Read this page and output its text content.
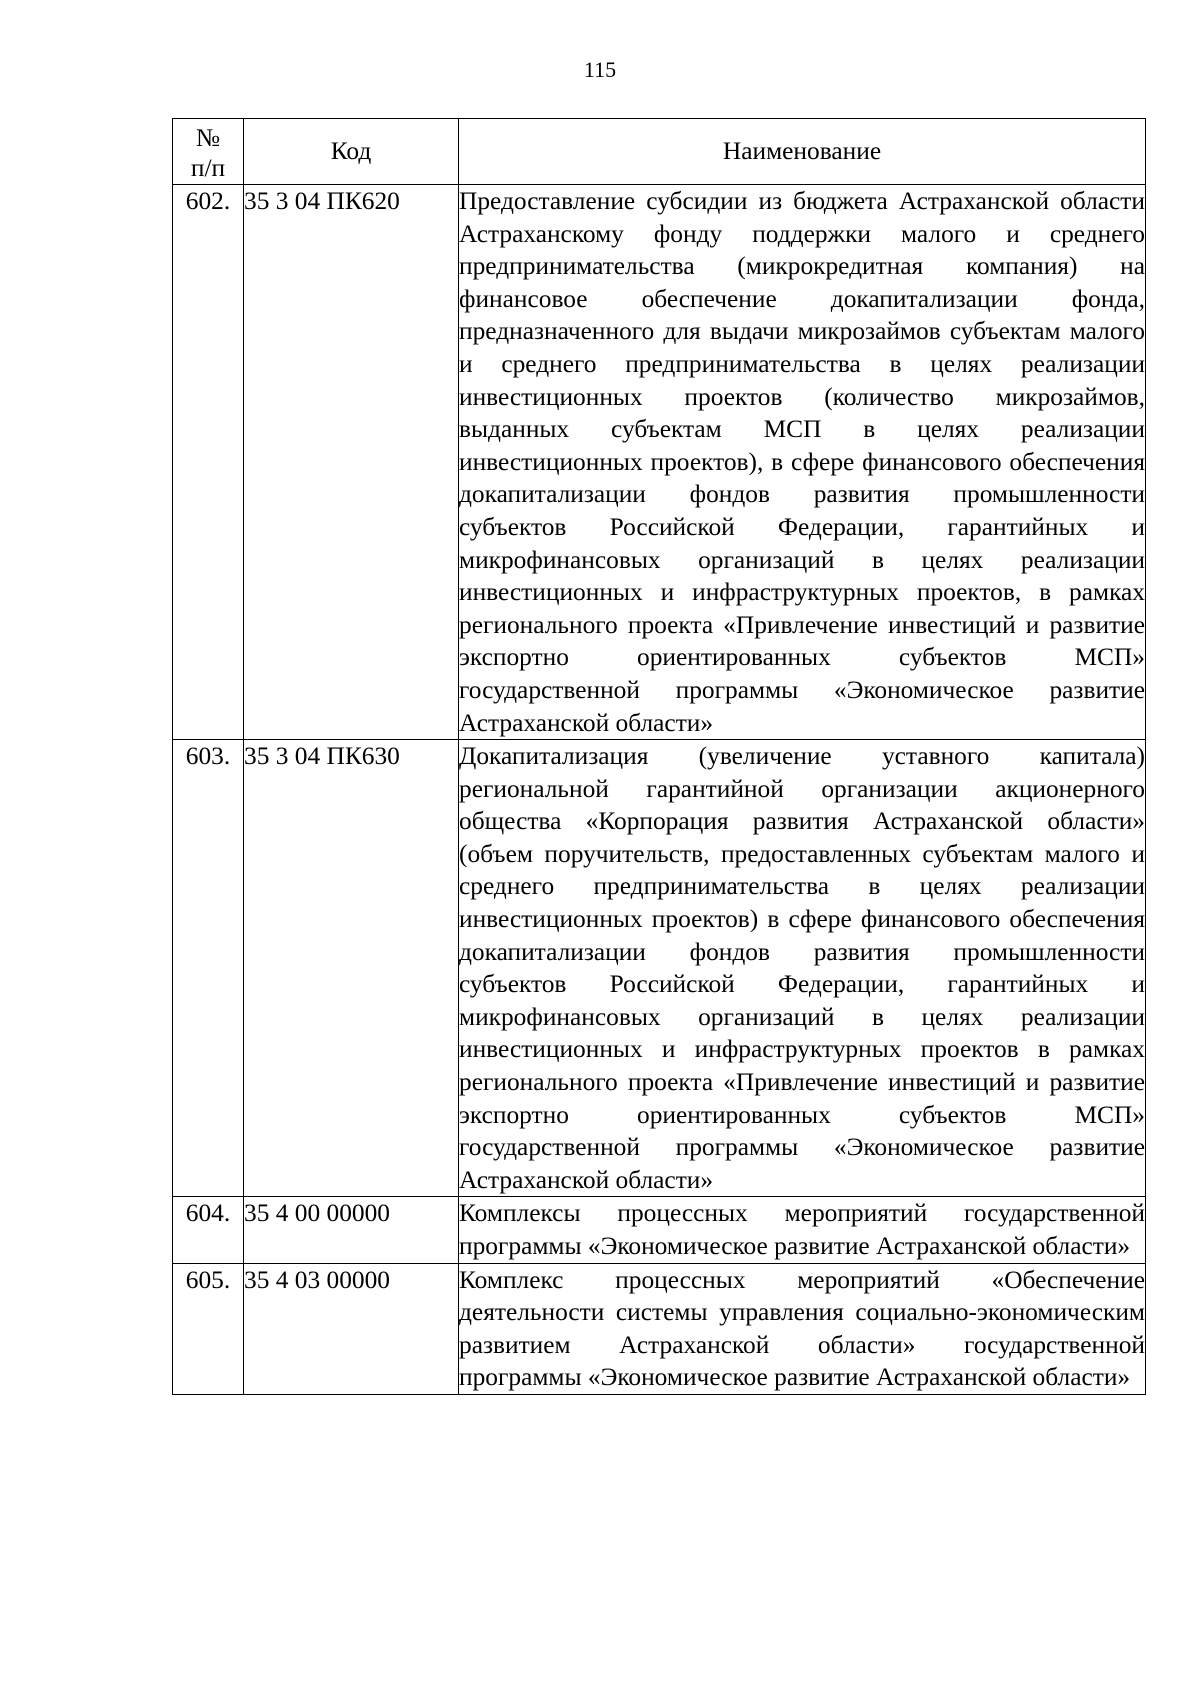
115
№
п/п	Код	Наименование
602.	35 3 04 ПК620	Предоставление субсидии из бюджета Астраханской области Астраханскому фонду поддержки малого и среднего предпринимательства (микрокредитная компания) на финансовое обеспечение докапитализации фонда, предназначенного для выдачи микрозаймов субъектам малого и среднего предпринимательства в целях реализации инвестиционных проектов (количество микрозаймов, выданных субъектам МСП в целях реализации инвестиционных проектов), в сфере финансового обеспечения докапитализации фондов развития промышленности субъектов Российской Федерации, гарантийных и микрофинансовых организаций в целях реализации инвестиционных и инфраструктурных проектов, в рамках регионального проекта «Привлечение инвестиций и развитие экспортно ориентированных субъектов МСП» государственной программы «Экономическое развитие Астраханской области»
603.	35 3 04 ПК630	Докапитализация (увеличение уставного капитала) региональной гарантийной организации акционерного общества «Корпорация развития Астраханской области» (объем поручительств, предоставленных субъектам малого и среднего предпринимательства в целях реализации инвестиционных проектов) в сфере финансового обеспечения докапитализации фондов развития промышленности субъектов Российской Федерации, гарантийных и микрофинансовых организаций в целях реализации инвестиционных и инфраструктурных проектов в рамках регионального проекта «Привлечение инвестиций и развитие экспортно ориентированных субъектов МСП» государственной программы «Экономическое развитие Астраханской области»
604.	35 4 00 00000	Комплексы процессных мероприятий государственной программы «Экономическое развитие Астраханской области»
605.	35 4 03 00000	Комплекс процессных мероприятий «Обеспечение деятельности системы управления социально-экономическим развитием Астраханской области» государственной программы «Экономическое развитие Астраханской области»
